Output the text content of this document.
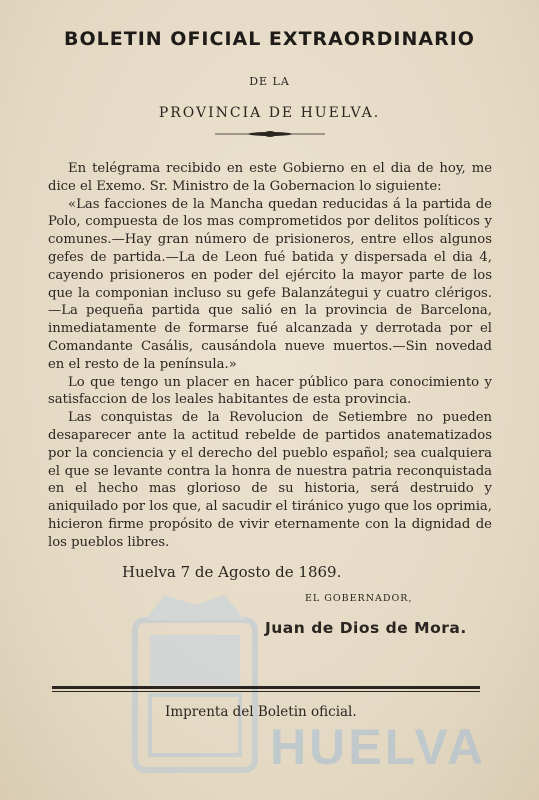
HUELVA
BOLETIN OFICIAL EXTRAORDINARIO
DE LA
PROVINCIA DE HUELVA.

En telégrama recibido en este Gobierno en el dia de hoy, me dice el Exemo. Sr. Ministro de la Gobernacion lo siguiente:

«Las facciones de la Mancha quedan reducidas á la partida de Polo, compuesta de los mas comprometidos por delitos políticos y comunes.—Hay gran número de prisioneros, entre ellos algunos gefes de partida.—La de Leon fué batida y dispersada el dia 4, cayendo prisioneros en poder del ejército la mayor parte de los que la componian incluso su gefe Balanzátegui y cuatro clérigos.—La pequeña partida que salió en la provincia de Barcelona, inmediatamente de formarse fué alcanzada y derrotada por el Comandante Casális, causándola nueve muertos.—Sin novedad en el resto de la península.»

Lo que tengo un placer en hacer público para conocimiento y satisfaccion de los leales habitantes de esta provincia.

Las conquistas de la Revolucion de Setiembre no pueden desaparecer ante la actitud rebelde de partidos anatematizados por la conciencia y el derecho del pueblo español; sea cualquiera el que se levante contra la honra de nuestra patria reconquistada en el hecho mas glorioso de su historia, será destruido y aniquilado por los que, al sacudir el tiránico yugo que los oprimia, hicieron firme propósito de vivir eternamente con la dignidad de los pueblos libres.

Huelva 7 de Agosto de 1869.
EL GOBERNADOR,
Juan de Dios de Mora.
Imprenta del Boletin oficial.
